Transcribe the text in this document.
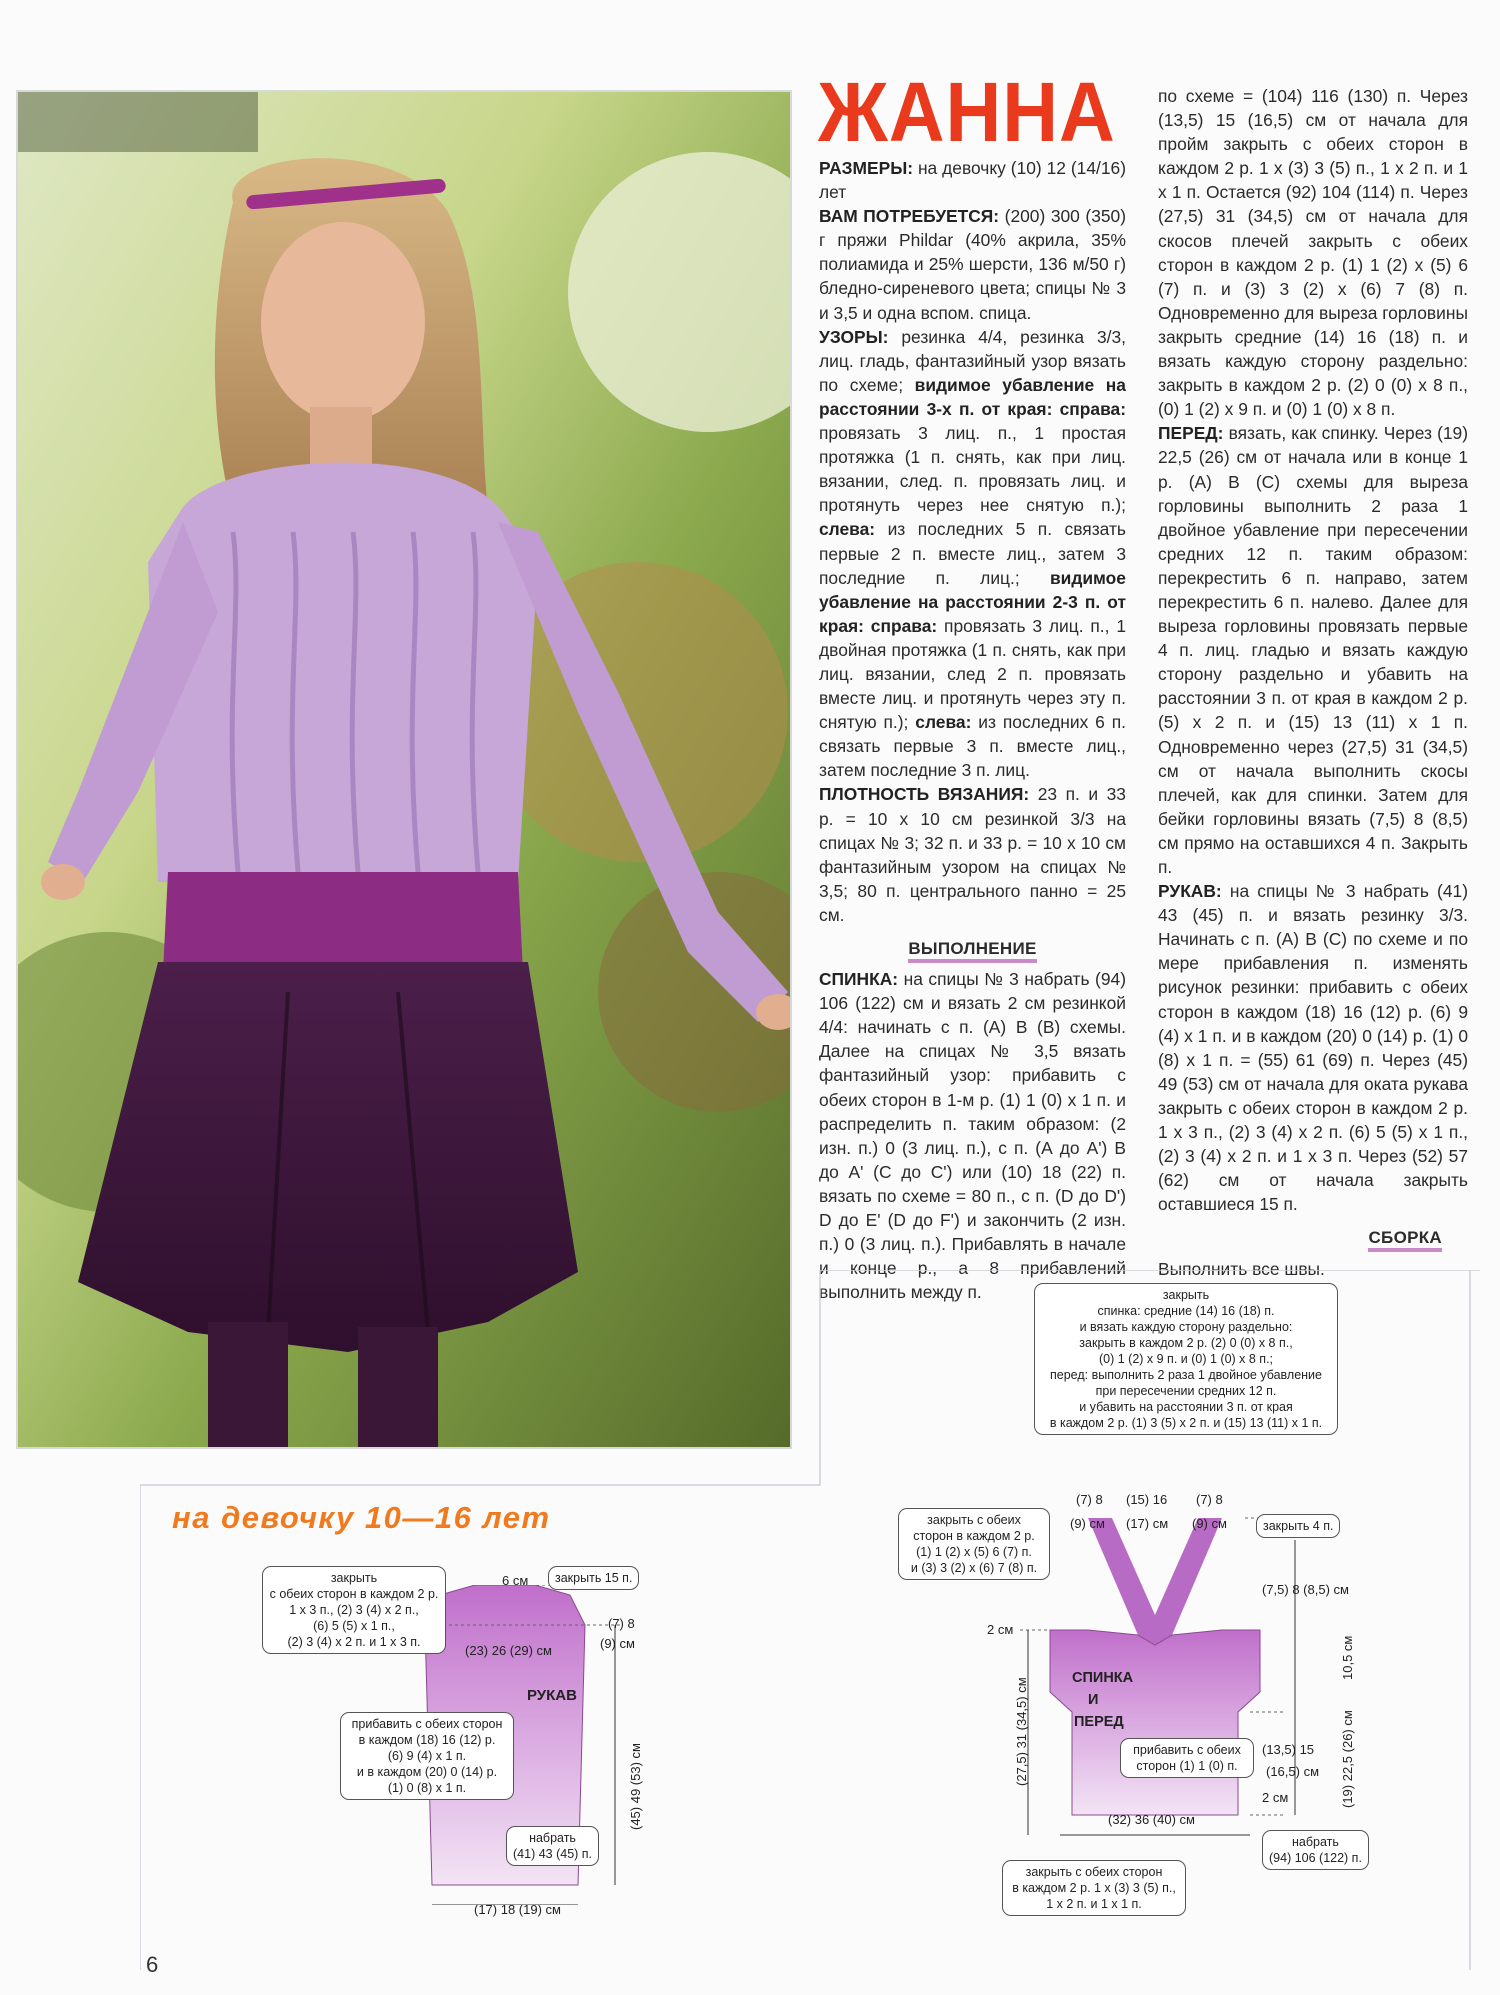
ЖАННА

РАЗМЕРЫ: на девочку (10) 12 (14/16) лет

ВАМ ПОТРЕБУЕТСЯ: (200) 300 (350) г пряжи Phildar (40% акрила, 35% полиамида и 25% шерсти, 136 м/50 г) бледно-сиреневого цвета; спицы № 3 и 3,5 и одна вспом. спица.

УЗОРЫ: резинка 4/4, резинка 3/3, лиц. гладь, фантазийный узор вязать по схеме; видимое убавление на расстоянии 3-х п. от края: справа: провязать 3 лиц. п., 1 простая протяжка (1 п. снять, как при лиц. вязании, след. п. провязать лиц. и протянуть через нее снятую п.); слева: из последних 5 п. связать первые 2 п. вместе лиц., затем 3 последние п. лиц.; видимое убавление на расстоянии 2-3 п. от края: справа: провязать 3 лиц. п., 1 двойная протяжка (1 п. снять, как при лиц. вязании, след 2 п. провязать вместе лиц. и протянуть через эту п. снятую п.); слева: из последних 6 п. связать первые 3 п. вместе лиц., затем последние 3 п. лиц.

ПЛОТНОСТЬ ВЯЗАНИЯ: 23 п. и 33 р. = 10 х 10 см резинкой 3/3 на спицах № 3; 32 п. и 33 р. = 10 х 10 см фантазийным узором на спицах № 3,5; 80 п. центрального панно = 25 см.

ВЫПОЛНЕНИЕ

СПИНКА: на спицы № 3 набрать (94) 106 (122) см и вязать 2 см резинкой 4/4: начинать с п. (А) В (В) схемы. Далее на спицах № 3,5 вязать фантазийный узор: прибавить с обеих сторон в 1-м р. (1) 1 (0) х 1 п. и распределить п. таким образом: (2 изн. п.) 0 (3 лиц. п.), с п. (А до А') В до А' (С до С') или (10) 18 (22) п. вязать по схеме = 80 п., с п. (D до D') D до E' (D до F') и закончить (2 изн. п.) 0 (3 лиц. п.). Прибавлять в начале и конце р., а 8 прибавлений выполнить между п.

по схеме = (104) 116 (130) п. Через (13,5) 15 (16,5) см от начала для пройм закрыть с обеих сторон в каждом 2 р. 1 х (3) 3 (5) п., 1 х 2 п. и 1 х 1 п. Остается (92) 104 (114) п. Через (27,5) 31 (34,5) см от начала для скосов плечей закрыть с обеих сторон в каждом 2 р. (1) 1 (2) х (5) 6 (7) п. и (3) 3 (2) х (6) 7 (8) п. Одновременно для выреза горловины закрыть средние (14) 16 (18) п. и вязать каждую сторону раздельно: закрыть в каждом 2 р. (2) 0 (0) х 8 п.,(0) 1 (2) х 9 п. и (0) 1 (0) х 8 п.

ПЕРЕД: вязать, как спинку. Через (19) 22,5 (26) см от начала или в конце 1 р. (А) В (С) схемы для выреза горловины выполнить 2 раза 1 двойное убавление при пересечении средних 12 п. таким образом: перекрестить 6 п. направо, затем перекрестить 6 п. налево. Далее для выреза горловины провязать первые 4 п. лиц. гладью и вязать каждую сторону раздельно и убавить на расстоянии 3 п. от края в каждом 2 р. (5) х 2 п. и (15) 13 (11) х 1 п. Одновременно через (27,5) 31 (34,5) см от начала выполнить скосы плечей, как для спинки. Затем для бейки горловины вязать (7,5) 8 (8,5) см прямо на оставшихся 4 п. Закрыть п.

РУКАВ: на спицы № 3 набрать (41) 43 (45) п. и вязать резинку 3/3. Начинать с п. (А) В (С) по схеме и по мере прибавления п. изменять рисунок резинки: прибавить с обеих сторон в каждом (18) 16 (12) р. (6) 9 (4) х 1 п. и в каждом (20) 0 (14) р. (1) 0 (8) х 1 п. = (55) 61 (69) п. Через (45) 49 (53) см от начала для оката рукава закрыть с обеих сторон в каждом 2 р. 1 х 3 п., (2) 3 (4) х 2 п. (6) 5 (5) х 1 п., (2) 3 (4) х 2 п. и 1 х 3 п. Через (52) 57 (62) см от начала закрыть оставшиеся 15 п.

СБОРКА

Выполнить все швы.

на девочку 10—16 лет
закрыть
с обеих сторон в каждом 2 р.
1 х 3 п., (2) 3 (4) х 2 п.,
(6) 5 (5) х 1 п.,
(2) 3 (4) х 2 п. и 1 х 3 п.
6 см	закрыть 15 п.
(7) 8
(9) см
(23) 26 (29) см
РУКАВ
прибавить с обеих сторон
в каждом (18) 16 (12) р.
(6) 9 (4) х 1 п.
и в каждом (20) 0 (14) р.
(1) 0 (8) х 1 п.	(45) 49 (53) см
набрать
(41) 43 (45) п.
(17) 18 (19) см
закрыть
спинка: средние (14) 16 (18) п.
и вязать каждую сторону раздельно:
закрыть в каждом 2 р. (2) 0 (0) х 8 п.,
(0) 1 (2) х 9 п. и (0) 1 (0) х 8 п.;
перед: выполнить 2 раза 1 двойное убавление
при пересечении средних 12 п.
и убавить на расстоянии 3 п. от края
в каждом 2 р. (1) 3 (5) х 2 п. и (15) 13 (11) х 1 п.
(7) 8
(9) см
(15) 16
(17) см
(7) 8
(9) см
закрыть с обеих
сторон в каждом 2 р.
(1) 1 (2) х (5) 6 (7) п.
и (3) 3 (2) х (6) 7 (8) п.
закрыть 4 п.
(7,5) 8 (8,5) см
2 см
10,5 см
СПИНКА
И
ПЕРЕД
(27,5) 31 (34,5) см	прибавить с обеих
сторон (1) 1 (0) п.
(13,5) 15
(16,5) см (19) 22,5 (26) см
2 см
(32) 36 (40) см
набрать
(94) 106 (122) п.
закрыть с обеих сторон
в каждом 2 р. 1 х (3) 3 (5) п.,
1 х 2 п. и 1 х 1 п.
6
